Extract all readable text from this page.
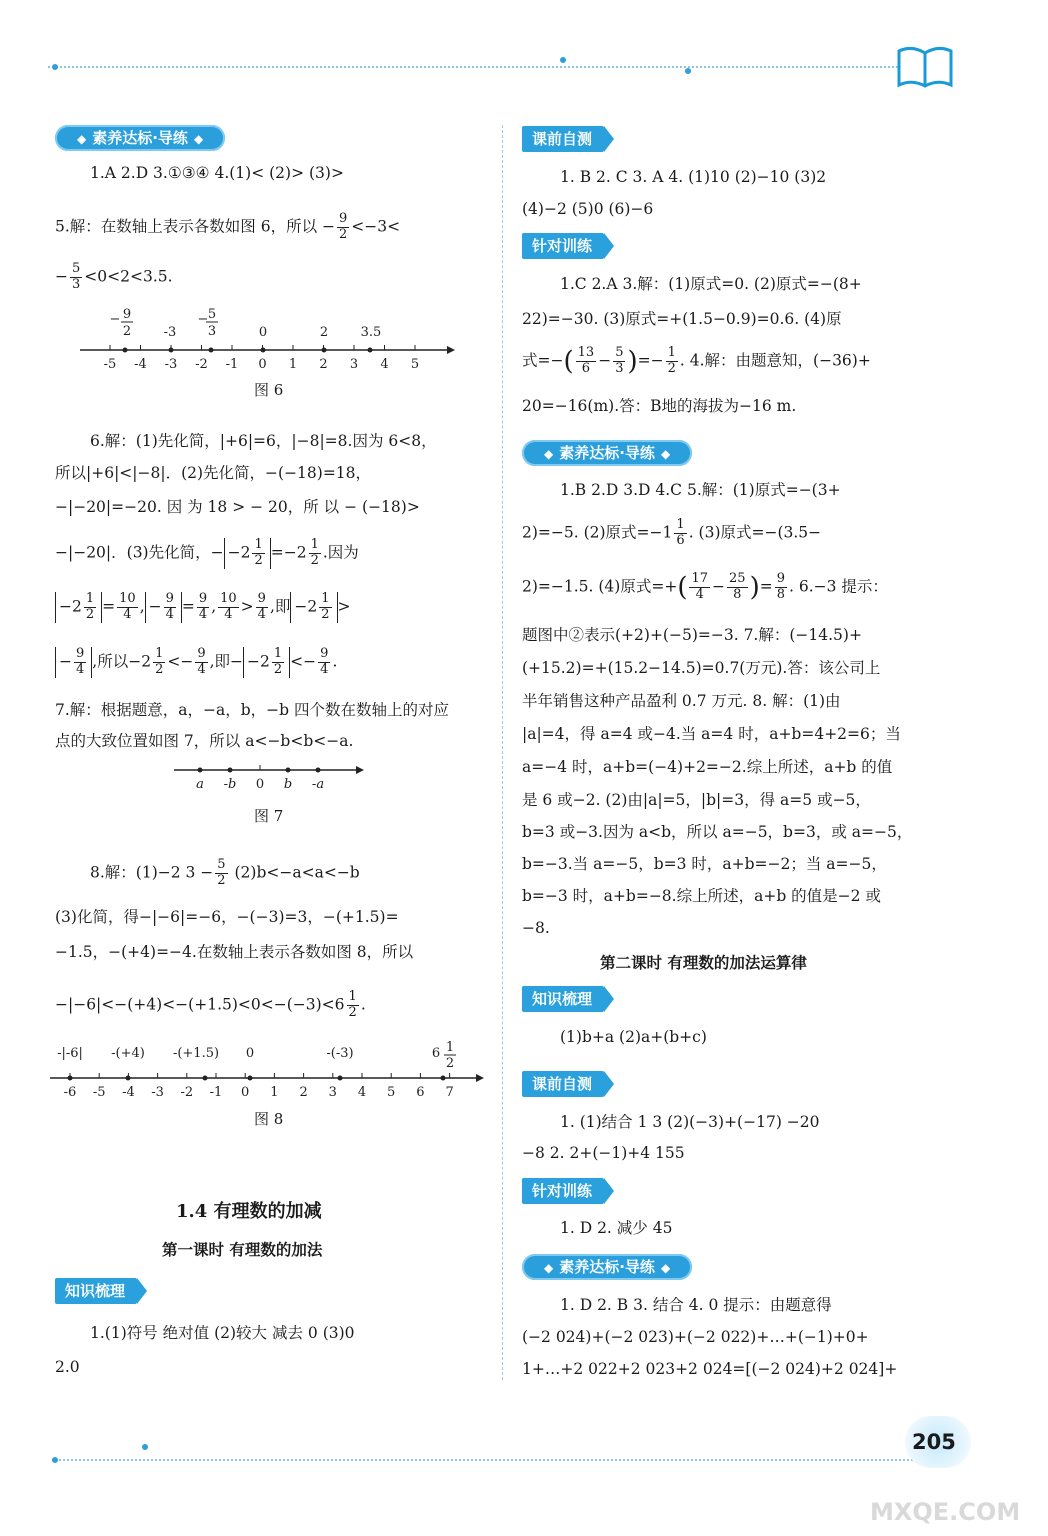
◆ 素养达标·导练 ◆
1.A 2.D 3.①③④ 4.(1)< (2)> (3)>
5.解：在数轴上表示各数如图 6，所以 − $\frac{9}{2} <-3<$
− $\frac{5}{3} <0<2<3.5$.
-5 -4 -3 -2 -1 0 1 2 3 4 5
− 9
2	-3
− 5
3	0	2	3.5
图 6
6.解：(1)先化简，|+6|=6，|−8|=8.因为 6<8，
所以|+6|<|−8|．(2)先化简，−(−18)=18，
−|−20|=−20. 因 为 18 > − 20，所 以 − (−18)>
−|−20|．(3)先化简，− $-2 \frac{1}{2} =-2 \frac{1}{2}$ .因为
$-2 \frac{1}{2} = \frac{10}{4}$ , − $\frac{9}{4} = \frac{9}{4}$ , $\frac{10}{4} > \frac{9}{4}$ ,即 $-2 \frac{1}{2}$ >
− $\frac{9}{4}$ ,所以$-2 \frac{1}{2} <- \frac{9}{4}$ ,即− $-2 \frac{1}{2} <- \frac{9}{4}$ .
7.解：根据题意，a，−a，b，−b 四个数在数轴上的对应
点的大致位置如图 7，所以 a<−b<b<−a.
a -b 0 b -a
图 7
8.解：(1)−2 $3 - \frac{5}{2} (2)b<-a<a<-b$
(3)化简，得−|−6|=−6，−(−3)=3，−(+1.5)=
−1.5，−(+4)=−4.在数轴上表示各数如图 8，所以
$-|-6|<-(+4)<-(+1.5)<0<-(-3)<6 \frac{1}{2}$ .
-6 -5 -4 -3 -2 -1 0 1 2 3 4 5 6 7
-|-6| -(+4) -(+1.5) 0	-(-3)	6 1
2
图 8
1.4 有理数的加减
第一课时 有理数的加法
知识梳理
1.(1)符号 绝对值 (2)较大 减去 0 (3)0
2.0
课前自测
1. B 2. C 3. A 4. (1)10 (2)−10 (3)2
(4)−2 (5)0 (6)−6
针对训练
1.C 2.A 3.解：(1)原式=0. (2)原式=−(8+
22)=−30. (3)原式=+(1.5−0.9)=0.6. (4)原
式=−( $\frac{13}{6} - \frac{5}{3}$ )=− $\frac{1}{2}$ . 4.解：由题意知，(−36)+
20=−16(m).答：B地的海拔为−16 m.
◆ 素养达标·导练 ◆
1.B 2.D 3.D 4.C 5.解：(1)原式=−(3+
2)=−5. (2)原式$=-1 \frac{1}{6}$ . (3)原式=−(3.5−
2)=−1.5. (4)原式=+( $\frac{17}{4} - \frac{25}{8}$ )= $\frac{9}{8}$ . 6.−3 提示：
题图中②表示(+2)+(−5)=−3. 7.解：(−14.5)+
(+15.2)=+(15.2−14.5)=0.7(万元).答：该公司上
半年销售这种产品盈利 0.7 万元. 8. 解：(1)由
|a|=4，得 a=4 或−4.当 a=4 时，a+b=4+2=6；当
a=−4 时，a+b=(−4)+2=−2.综上所述，a+b 的值
是 6 或−2. (2)由|a|=5，|b|=3，得 a=5 或−5，
b=3 或−3.因为 a<b，所以 a=−5，b=3，或 a=−5，
b=−3.当 a=−5，b=3 时，a+b=−2；当 a=−5，
b=−3 时，a+b=−8.综上所述，a+b 的值是−2 或
−8.
第二课时 有理数的加法运算律
知识梳理
(1)b+a (2)a+(b+c)
课前自测
1. (1)结合 1 3 (2)(−3)+(−17) −20
−8 2. 2+(−1)+4 155
针对训练
1. D 2. 减少 45
◆ 素养达标·导练 ◆
1. D 2. B 3. 结合 4. 0 提示：由题意得
(−2 024)+(−2 023)+(−2 022)+…+(−1)+0+
1+…+2 022+2 023+2 024=[(−2 024)+2 024]+
205
MXQE.COM
